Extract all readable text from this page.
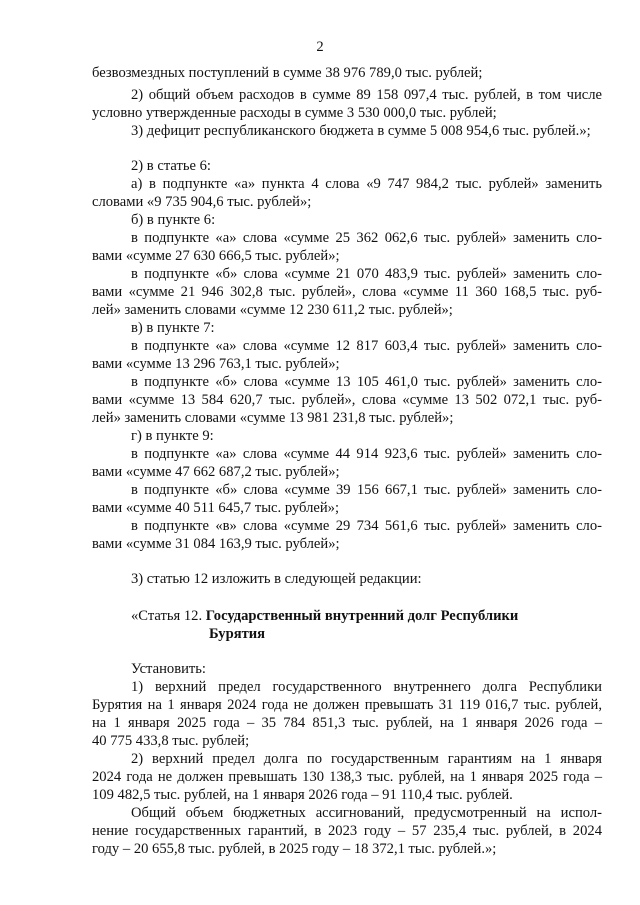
2
безвозмездных поступлений в сумме 38 976 789,0 тыс. рублей;
2) общий объем расходов в сумме 89 158 097,4 тыс. рублей, в том числе
условно утвержденные расходы в сумме 3 530 000,0 тыс. рублей;
3) дефицит республиканского бюджета в сумме 5 008 954,6 тыс. рублей.»;
2) в статье 6:
а) в подпункте «а» пункта 4 слова «9 747 984,2 тыс. рублей» заменить
словами «9 735 904,6 тыс. рублей»;
б) в пункте 6:
в подпункте «а» слова «сумме 25 362 062,6 тыс. рублей» заменить сло-
вами «сумме 27 630 666,5 тыс. рублей»;
в подпункте «б» слова «сумме 21 070 483,9 тыс. рублей» заменить сло-
вами «сумме 21 946 302,8 тыс. рублей», слова «сумме 11 360 168,5 тыс. руб-
лей» заменить словами «сумме 12 230 611,2 тыс. рублей»;
в) в пункте 7:
в подпункте «а» слова «сумме 12 817 603,4 тыс. рублей» заменить сло-
вами «сумме 13 296 763,1 тыс. рублей»;
в подпункте «б» слова «сумме 13 105 461,0 тыс. рублей» заменить сло-
вами «сумме 13 584 620,7 тыс. рублей», слова «сумме 13 502 072,1 тыс. руб-
лей» заменить словами «сумме 13 981 231,8 тыс. рублей»;
г) в пункте 9:
в подпункте «а» слова «сумме 44 914 923,6 тыс. рублей» заменить сло-
вами «сумме 47 662 687,2 тыс. рублей»;
в подпункте «б» слова «сумме 39 156 667,1 тыс. рублей» заменить сло-
вами «сумме 40 511 645,7 тыс. рублей»;
в подпункте «в» слова «сумме 29 734 561,6 тыс. рублей» заменить сло-
вами «сумме 31 084 163,9 тыс. рублей»;
3) статью 12 изложить в следующей редакции:
«Статья 12. Государственный внутренний долг Республики
Бурятия
Установить:
1) верхний предел государственного внутреннего долга Республики
Бурятия на 1 января 2024 года не должен превышать 31 119 016,7 тыс. рублей,
на 1 января 2025 года – 35 784 851,3 тыс. рублей, на 1 января 2026 года –
40 775 433,8 тыс. рублей;
2) верхний предел долга по государственным гарантиям на 1 января
2024 года не должен превышать 130 138,3 тыс. рублей, на 1 января 2025 года –
109 482,5 тыс. рублей, на 1 января 2026 года – 91 110,4 тыс. рублей.
Общий объем бюджетных ассигнований, предусмотренный на испол-
нение государственных гарантий, в 2023 году – 57 235,4 тыс. рублей, в 2024
году – 20 655,8 тыс. рублей, в 2025 году – 18 372,1 тыс. рублей.»;
